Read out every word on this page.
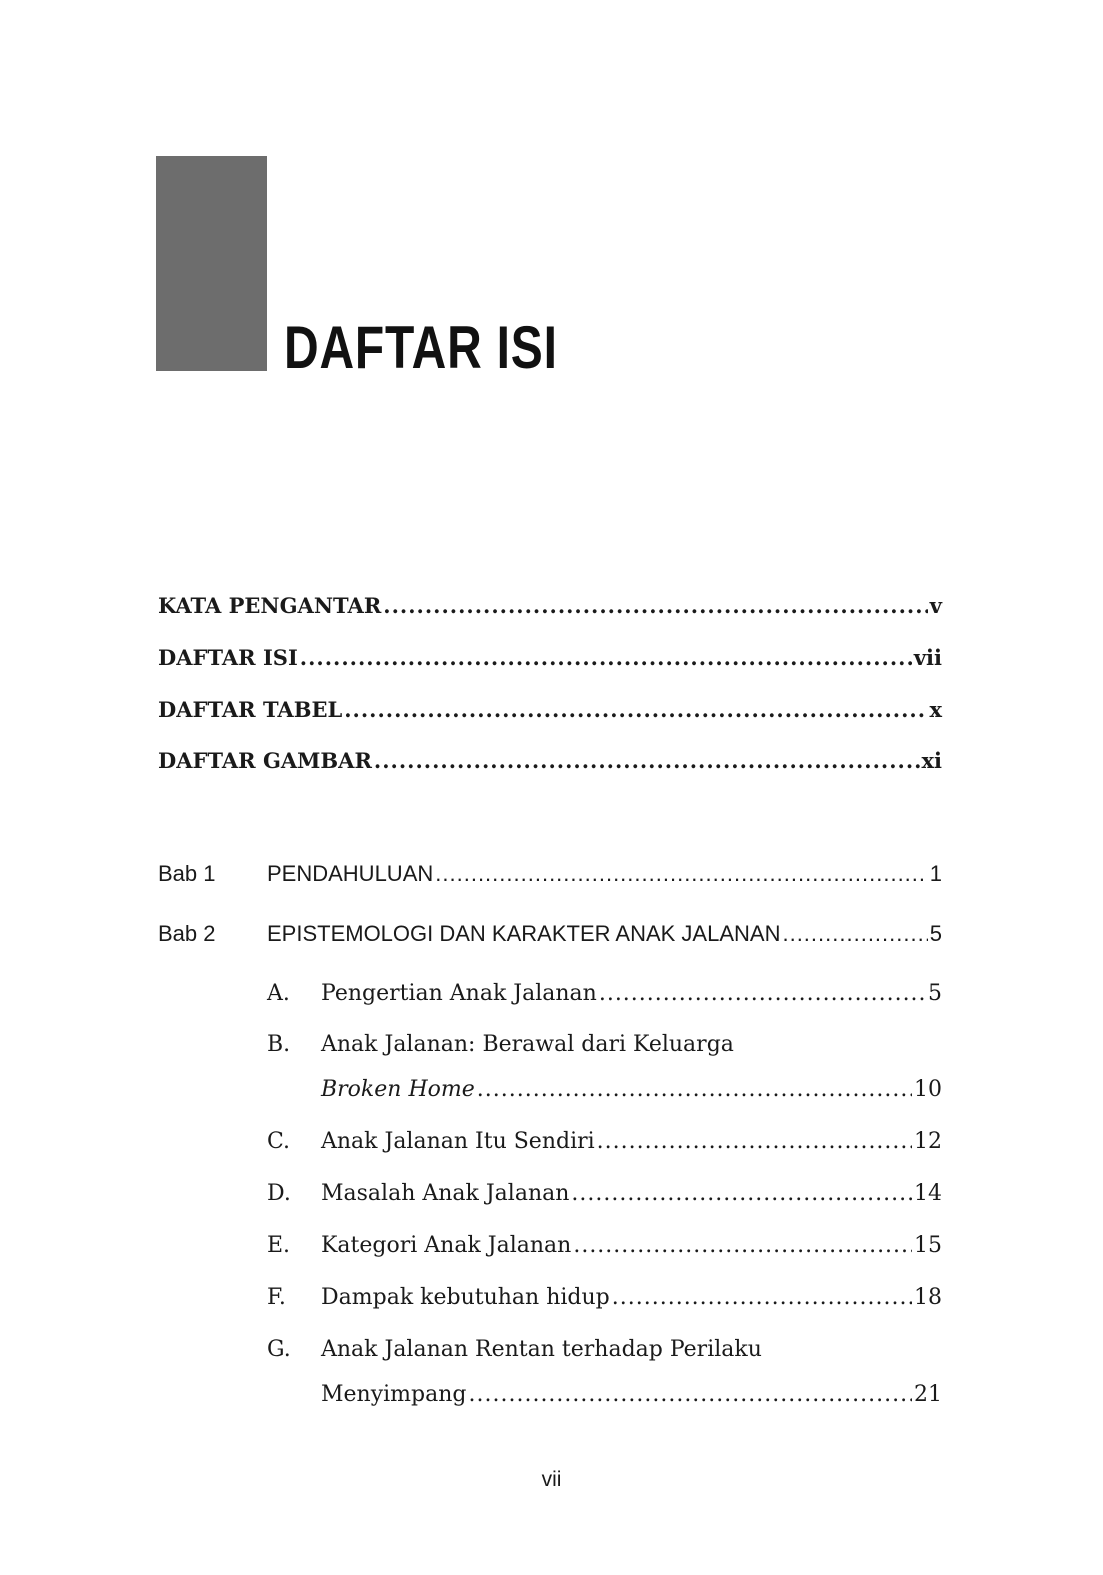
DAFTAR ISI
KATA PENGANTAR .....	v
DAFTAR ISI .....	vii
DAFTAR TABEL .....	x
DAFTAR GAMBAR .....	xi
Bab 1 PENDAHULUAN .....	1
Bab 2 EPISTEMOLOGI DAN KARAKTER ANAK JALANAN .....	5
A. Pengertian Anak Jalanan .....	5
B. Anak Jalanan: Berawal dari Keluarga
Broken Home .....	10
C. Anak Jalanan Itu Sendiri .....	12
D. Masalah Anak Jalanan .....	14
E. Kategori Anak Jalanan .....	15
F. Dampak kebutuhan hidup .....	18
G. Anak Jalanan Rentan terhadap Perilaku
Menyimpang .....	21
vii
